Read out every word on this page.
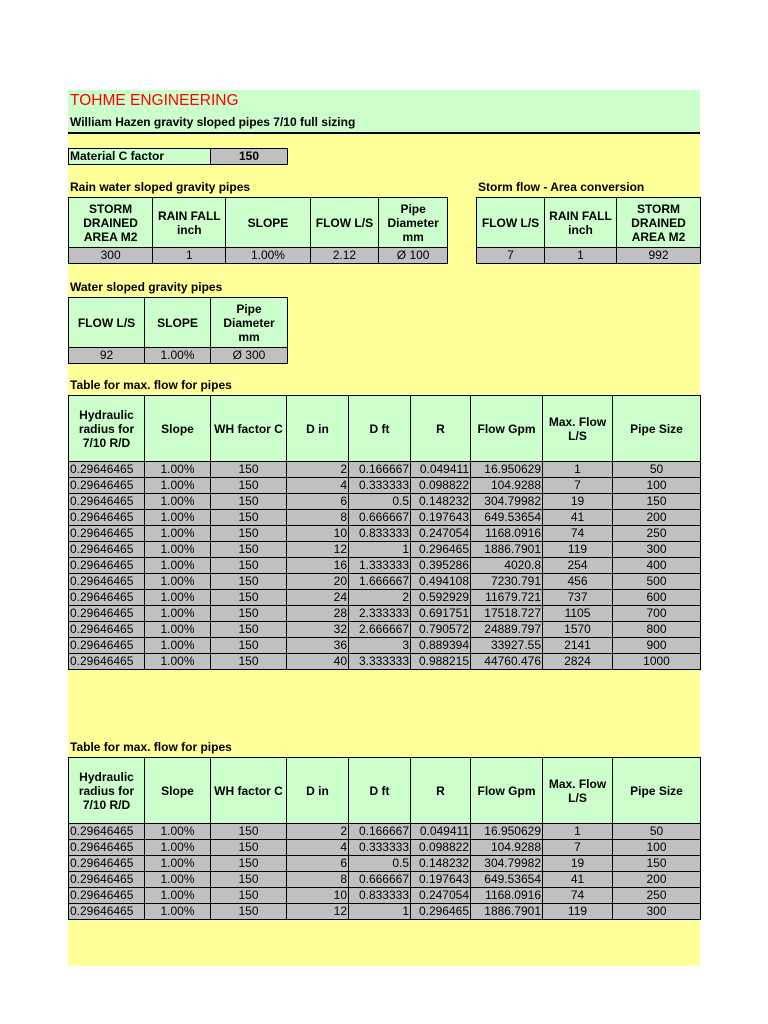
TOHME ENGINEERING
William Hazen gravity sloped pipes 7/10 full sizing
Material C factor	150
Rain water sloped gravity pipes
STORM DRAINED AREA M2	RAIN FALL inch	SLOPE	FLOW L/S	Pipe Diameter mm
300	1	1.00%	2.12	Ø 100
Storm flow - Area conversion
FLOW L/S	RAIN FALL inch	STORM DRAINED AREA M2
7	1	992
Water sloped gravity pipes
FLOW L/S	SLOPE	Pipe Diameter mm
92	1.00%	Ø 300
Table for max. flow for pipes
Hydraulic radius for 7/10 R/D	Slope	WH factor C	D in	D ft	R	Flow Gpm	Max. Flow L/S	Pipe Size
0.29646465	1.00%	150	2	0.166667	0.049411	16.950629	1	50
0.29646465	1.00%	150	4	0.333333	0.098822	104.9288	7	100
0.29646465	1.00%	150	6	0.5	0.148232	304.79982	19	150
0.29646465	1.00%	150	8	0.666667	0.197643	649.53654	41	200
0.29646465	1.00%	150	10	0.833333	0.247054	1168.0916	74	250
0.29646465	1.00%	150	12	1	0.296465	1886.7901	119	300
0.29646465	1.00%	150	16	1.333333	0.395286	4020.8	254	400
0.29646465	1.00%	150	20	1.666667	0.494108	7230.791	456	500
0.29646465	1.00%	150	24	2	0.592929	11679.721	737	600
0.29646465	1.00%	150	28	2.333333	0.691751	17518.727	1105	700
0.29646465	1.00%	150	32	2.666667	0.790572	24889.797	1570	800
0.29646465	1.00%	150	36	3	0.889394	33927.55	2141	900
0.29646465	1.00%	150	40	3.333333	0.988215	44760.476	2824	1000
Table for max. flow for pipes
Hydraulic radius for 7/10 R/D	Slope	WH factor C	D in	D ft	R	Flow Gpm	Max. Flow L/S	Pipe Size
0.29646465	1.00%	150	2	0.166667	0.049411	16.950629	1	50
0.29646465	1.00%	150	4	0.333333	0.098822	104.9288	7	100
0.29646465	1.00%	150	6	0.5	0.148232	304.79982	19	150
0.29646465	1.00%	150	8	0.666667	0.197643	649.53654	41	200
0.29646465	1.00%	150	10	0.833333	0.247054	1168.0916	74	250
0.29646465	1.00%	150	12	1	0.296465	1886.7901	119	300
